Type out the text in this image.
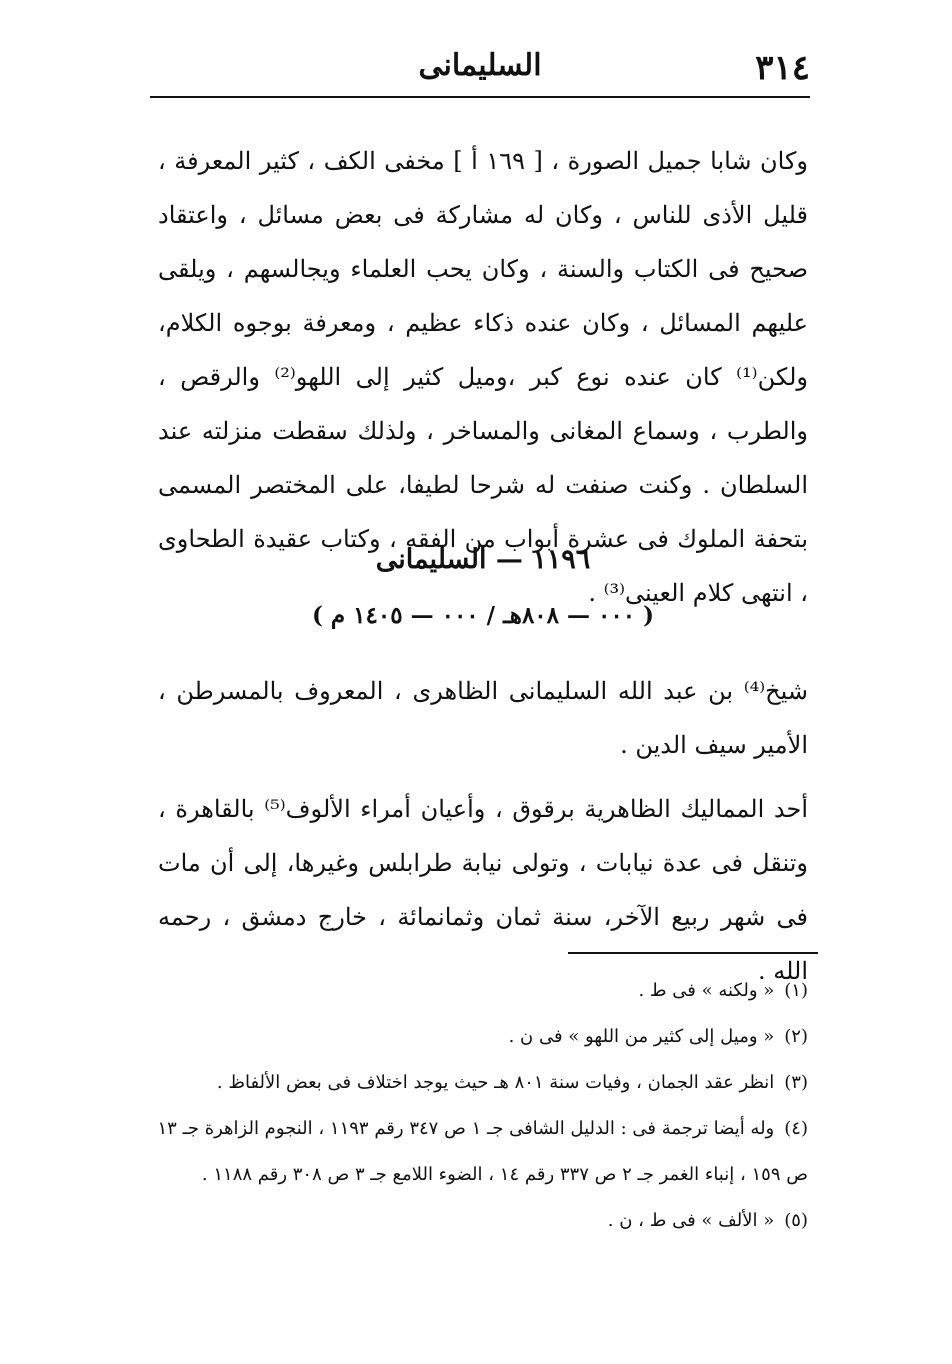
٣١٤
السليمانى

وكان شابا جميل الصورة ، [ ١٦٩ أ ] مخفى الكف ، كثير المعرفة ، قليل الأذى للناس ، وكان له مشاركة فى بعض مسائل ، واعتقاد صحيح فى الكتاب والسنة ، وكان يحب العلماء ويجالسهم ، ويلقى عليهم المسائل ، وكان عنده ذكاء عظيم ، ومعرفة بوجوه الكلام، ولكن⁽¹⁾ كان عنده نوع كبر ،وميل كثير إلى اللهو⁽²⁾ والرقص ، والطرب ، وسماع المغانى والمساخر ، ولذلك سقطت منزلته عند السلطان . وكنت صنفت له شرحا لطيفا، على المختصر المسمى بتحفة الملوك فى عشرة أبواب من الفقه ، وكتاب عقيدة الطحاوى ، انتهى كلام العينى⁽³⁾ .

١١٩٦ — السليمانى
( ٠٠٠ — ٨٠٨هـ / ٠٠٠ — ١٤٠٥ م )

شيخ⁽⁴⁾ بن عبد الله السليمانى الظاهرى ، المعروف بالمسرطن ، الأمير سيف الدين .

أحد المماليك الظاهرية برقوق ، وأعيان أمراء الألوف⁽⁵⁾ بالقاهرة ، وتنقل فى عدة نيابات ، وتولى نيابة طرابلس وغيرها، إلى أن مات فى شهر ربيع الآخر، سنة ثمان وثمانمائة ، خارج دمشق ، رحمه الله .

(١)« ولكنه » فى ط .

(٢)« وميل إلى كثير من اللهو » فى ن .

(٣)انظر عقد الجمان ، وفيات سنة ٨٠١ هـ حيث يوجد اختلاف فى بعض الألفاظ .

(٤)وله أيضا ترجمة فى : الدليل الشافى جـ ١ ص ٣٤٧ رقم ١١٩٣ ، النجوم الزاهرة جـ ١٣

ص ١٥٩ ، إنباء الغمر جـ ٢ ص ٣٣٧ رقم ١٤ ، الضوء اللامع جـ ٣ ص ٣٠٨ رقم ١١٨٨ .

(٥)« الألف » فى ط ، ن .
